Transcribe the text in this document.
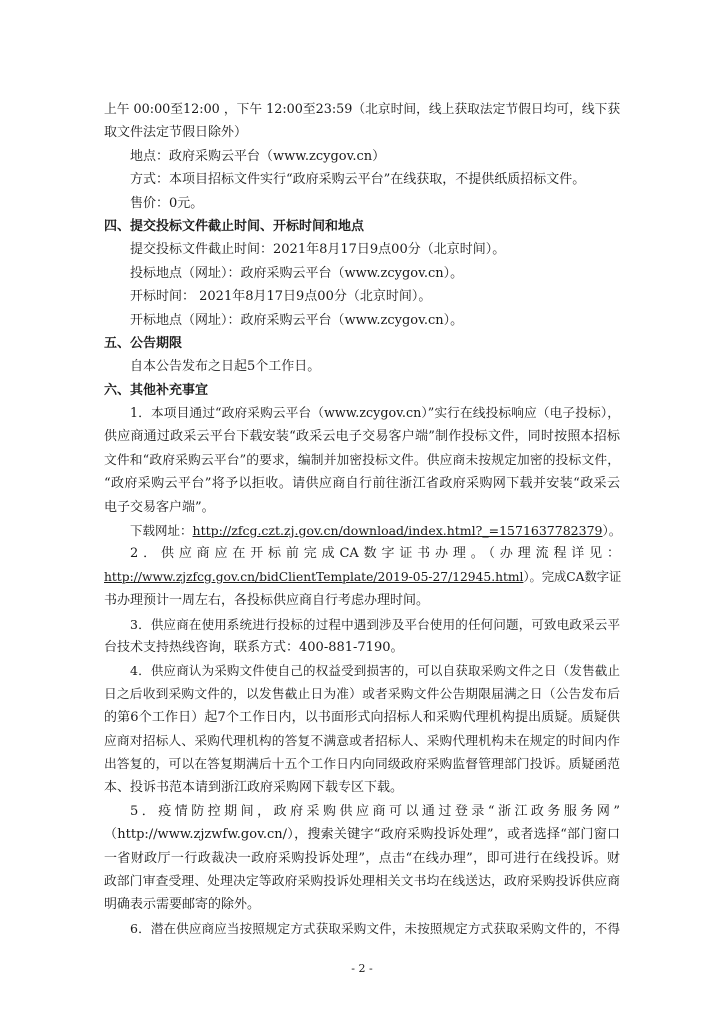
上午 00:00至12:00 ，下午 12:00至23:59（北京时间，线上获取法定节假日均可，线下获
取文件法定节假日除外）
地点：政府采购云平台（www.zcygov.cn）
方式：本项目招标文件实行“政府采购云平台”在线获取，不提供纸质招标文件。
售价：0元。
四、提交投标文件截止时间、开标时间和地点
提交投标文件截止时间：2021年8月17日9点00分（北京时间）。
投标地点（网址）：政府采购云平台（www.zcygov.cn）。
开标时间： 2021年8月17日9点00分（北京时间）。
开标地点（网址）：政府采购云平台（www.zcygov.cn）。
五、公告期限
自本公告发布之日起5个工作日。
六、其他补充事宜
1．本项目通过“政府采购云平台（www.zcygov.cn）”实行在线投标响应（电子投标），
供应商通过政采云平台下载安装“政采云电子交易客户端”制作投标文件，同时按照本招标
文件和“政府采购云平台”的要求，编制并加密投标文件。供应商未按规定加密的投标文件，
“政府采购云平台”将予以拒收。请供应商自行前往浙江省政府采购网下载并安装“政采云
电子交易客户端”。
下载网址：http://zfcg.czt.zj.gov.cn/download/index.html?_=1571637782379）。
2．供应商应在开标前完成CA数字证书办理。（办理流程详见：
http://www.zjzfcg.gov.cn/bidClientTemplate/2019-05-27/12945.html）。完成CA数字证
书办理预计一周左右，各投标供应商自行考虑办理时间。
3．供应商在使用系统进行投标的过程中遇到涉及平台使用的任何问题，可致电政采云平
台技术支持热线咨询，联系方式：400-881-7190。
4．供应商认为采购文件使自己的权益受到损害的，可以自获取采购文件之日（发售截止
日之后收到采购文件的，以发售截止日为准）或者采购文件公告期限届满之日（公告发布后
的第6个工作日）起7个工作日内，以书面形式向招标人和采购代理机构提出质疑。质疑供
应商对招标人、采购代理机构的答复不满意或者招标人、采购代理机构未在规定的时间内作
出答复的，可以在答复期满后十五个工作日内向同级政府采购监督管理部门投诉。质疑函范
本、投诉书范本请到浙江政府采购网下载专区下载。
5．疫情防控期间，政府采购供应商可以通过登录“浙江政务服务网”
（http://www.zjzwfw.gov.cn/），搜索关键字“政府采购投诉处理”，或者选择“部门窗口
一省财政厅一行政裁决一政府采购投诉处理”，点击“在线办理”，即可进行在线投诉。财
政部门审查受理、处理决定等政府采购投诉处理相关文书均在线送达，政府采购投诉供应商
明确表示需要邮寄的除外。
6．潜在供应商应当按照规定方式获取采购文件，未按照规定方式获取采购文件的，不得
- 2 -
